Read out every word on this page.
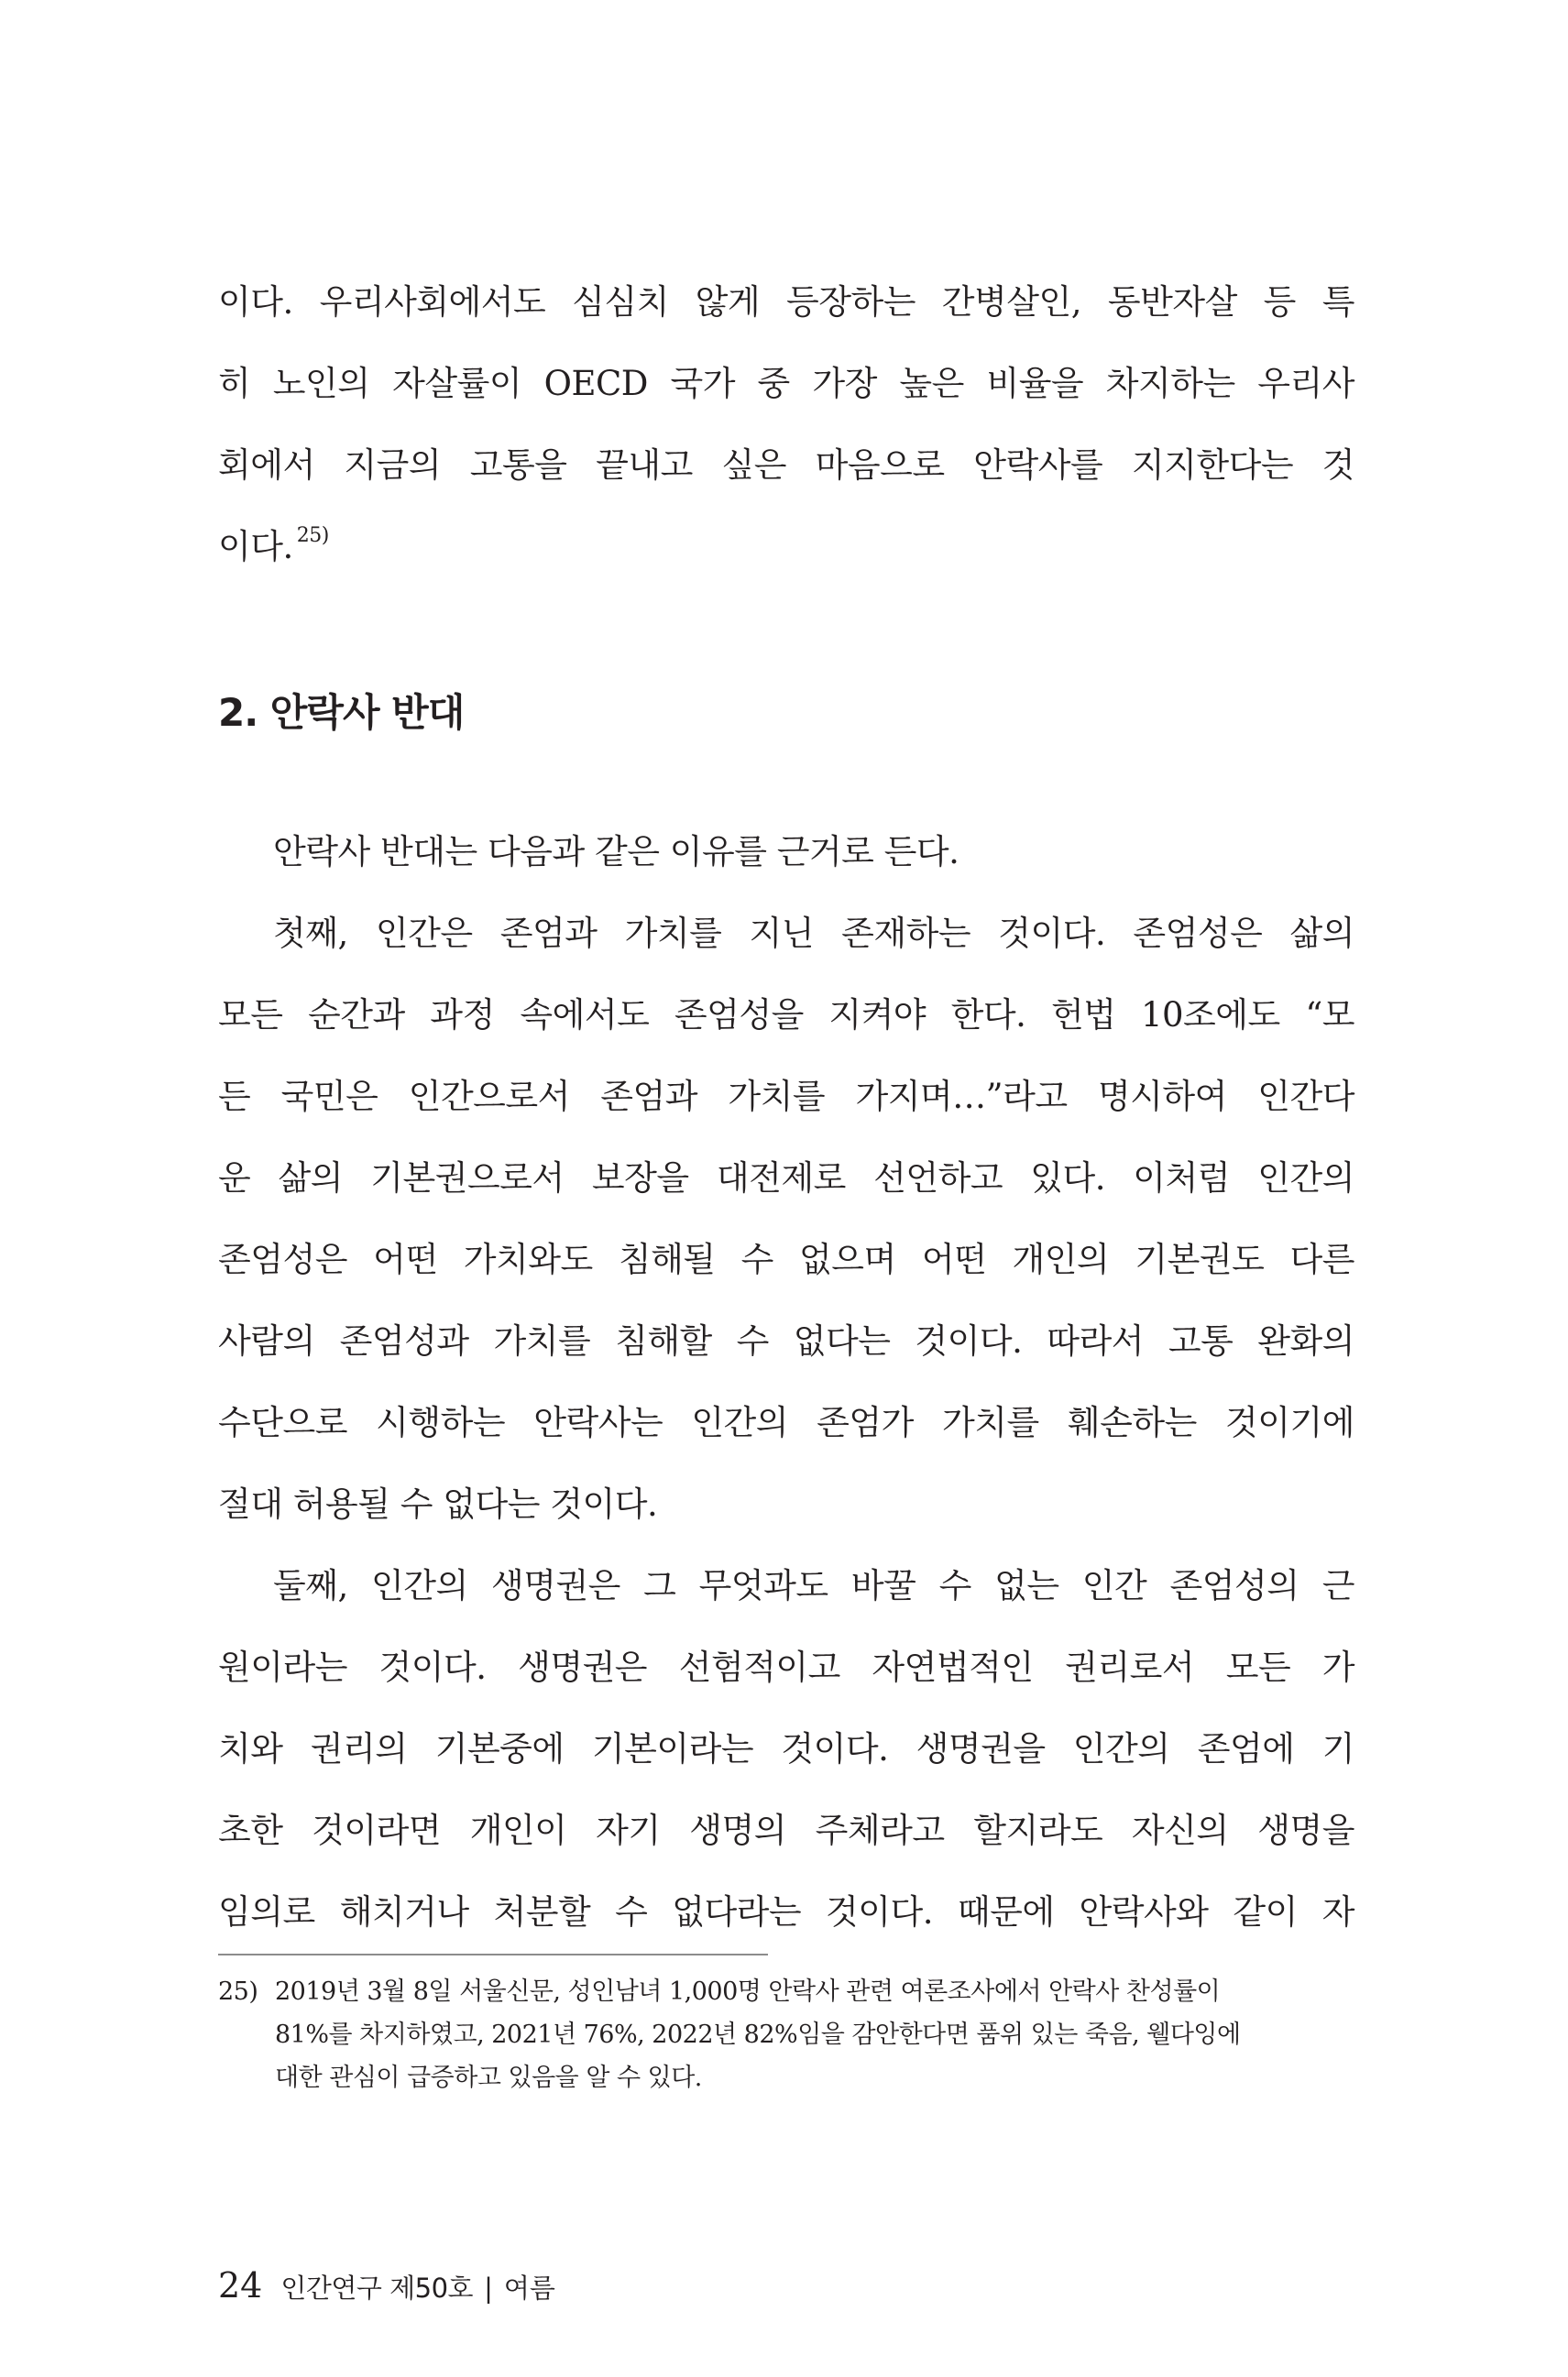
이다. 우리사회에서도 심심치 않게 등장하는 간병살인, 동반자살 등 특
히 노인의 자살률이 OECD 국가 중 가장 높은 비율을 차지하는 우리사
회에서 지금의 고통을 끝내고 싶은 마음으로 안락사를 지지한다는 것
이다. $^{25)}$
2. 안락사 반대
안락사 반대는 다음과 같은 이유를 근거로 든다.
첫째, 인간은 존엄과 가치를 지닌 존재하는 것이다. 존엄성은 삶의
모든 순간과 과정 속에서도 존엄성을 지켜야 한다. 헌법 10조에도 “모
든 국민은 인간으로서 존엄과 가치를 가지며…”라고 명시하여 인간다
운 삶의 기본권으로서 보장을 대전제로 선언하고 있다. 이처럼 인간의
존엄성은 어떤 가치와도 침해될 수 없으며 어떤 개인의 기본권도 다른
사람의 존엄성과 가치를 침해할 수 없다는 것이다. 따라서 고통 완화의
수단으로 시행하는 안락사는 인간의 존엄가 가치를 훼손하는 것이기에
절대 허용될 수 없다는 것이다.
둘째, 인간의 생명권은 그 무엇과도 바꿀 수 없는 인간 존엄성의 근
원이라는 것이다. 생명권은 선험적이고 자연법적인 권리로서 모든 가
치와 권리의 기본중에 기본이라는 것이다. 생명권을 인간의 존엄에 기
초한 것이라면 개인이 자기 생명의 주체라고 할지라도 자신의 생명을
임의로 해치거나 처분할 수 없다라는 것이다. 때문에 안락사와 같이 자
25) 2019년 3월 8일 서울신문, 성인남녀 1,000명 안락사 관련 여론조사에서 안락사 찬성률이
81%를 차지하였고, 2021년 76%, 2022년 82%임을 감안한다면 품위 있는 죽음, 웰다잉에
대한 관심이 급증하고 있음을 알 수 있다.
24 인간연구 제50호 | 여름
